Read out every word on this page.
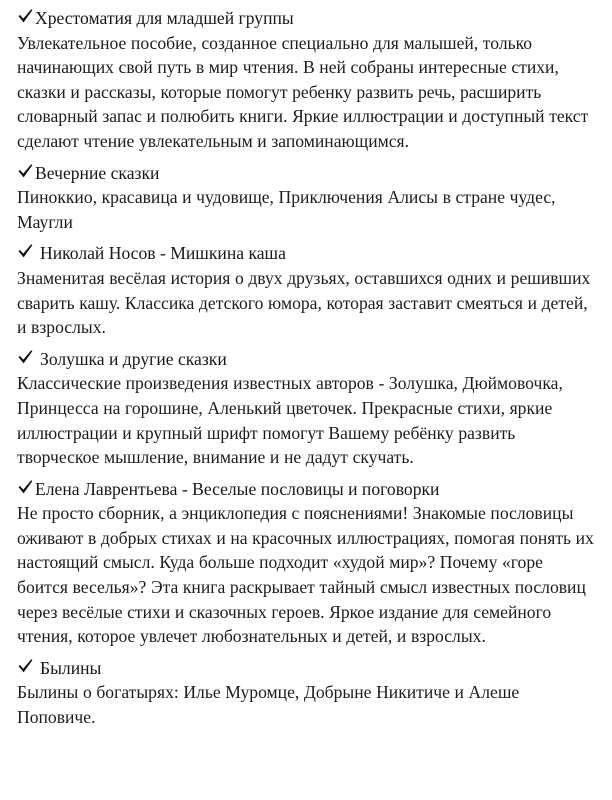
Хрестоматия для младшей группы

Увлекательное пособие, созданное специально для малышей, только начинающих свой путь в мир чтения. В ней собраны интересные стихи, сказки и рассказы, которые помогут ребенку развить речь, расширить словарный запас и полюбить книги. Яркие иллюстрации и доступный текст сделают чтение увлекательным и запоминающимся.

Вечерние сказки

Пиноккио, красавица и чудовище, Приключения Алисы в стране чудес, Маугли

Николай Носов - Мишкина каша

Знаменитая весёлая история о двух друзьях, оставшихся одних и решивших сварить кашу. Классика детского юмора, которая заставит смеяться и детей, и взрослых.

Золушка и другие сказки

Классические произведения известных авторов - Золушка, Дюймовочка, Принцесса на горошине, Аленький цветочек. Прекрасные стихи, яркие иллюстрации и крупный шрифт помогут Вашему ребёнку развить творческое мышление, внимание и не дадут скучать.

Елена Лаврентьева - Веселые пословицы и поговорки

Не просто сборник, а энциклопедия с пояснениями! Знакомые пословицы оживают в добрых стихах и на красочных иллюстрациях, помогая понять их настоящий смысл. Куда больше подходит «худой мир»? Почему «горе боится веселья»? Эта книга раскрывает тайный смысл известных пословиц через весёлые стихи и сказочных героев. Яркое издание для семейного чтения, которое увлечет любознательных и детей, и взрослых.

Былины

Былины о богатырях: Илье Муромце, Добрыне Никитиче и Алеше Поповиче.
